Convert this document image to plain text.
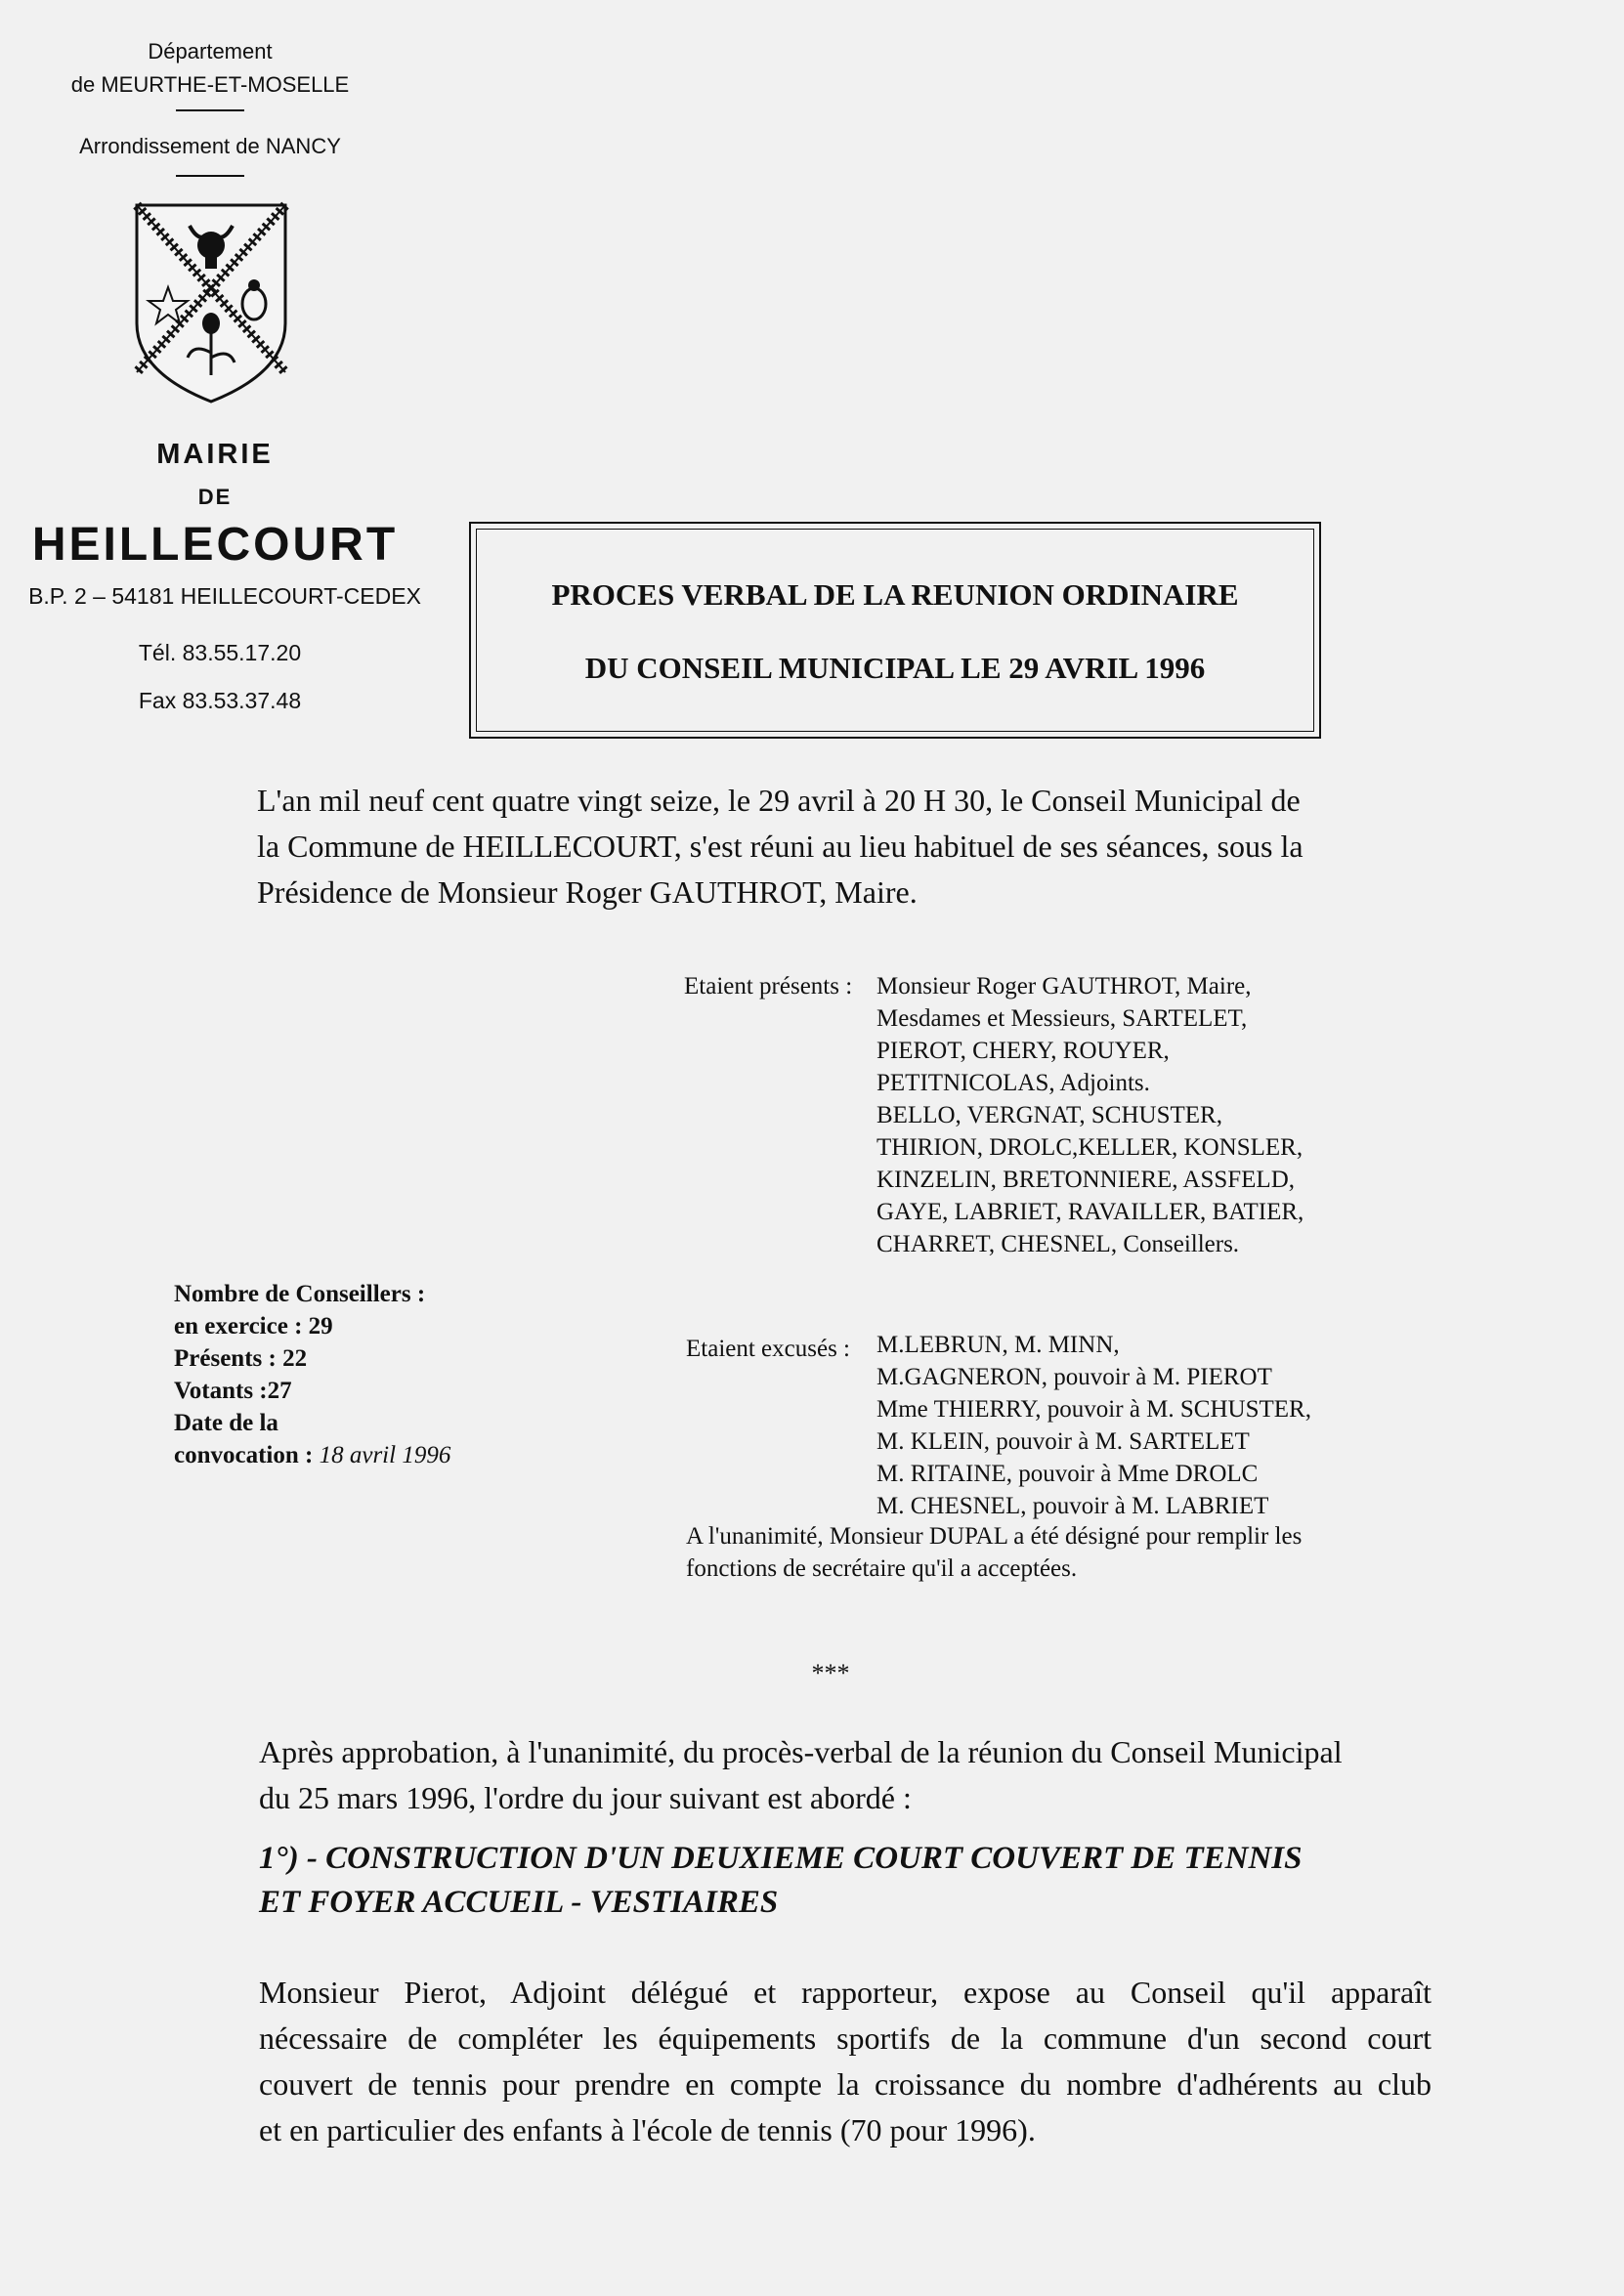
Département
de MEURTHE-ET-MOSELLE
Arrondissement de NANCY
MAIRIE
DE
HEILLECOURT
B.P. 2 – 54181 HEILLECOURT-CEDEX
Tél. 83.55.17.20
Fax 83.53.37.48
PROCES VERBAL DE LA REUNION ORDINAIRE
DU CONSEIL MUNICIPAL LE 29 AVRIL 1996
L'an mil neuf cent quatre vingt seize, le 29 avril à 20 H 30, le Conseil Municipal de
la Commune de HEILLECOURT, s'est réuni au lieu habituel de ses séances, sous la
Présidence de Monsieur Roger GAUTHROT, Maire.
Etaient présents : Monsieur Roger GAUTHROT, Maire,
Mesdames et Messieurs, SARTELET,
PIEROT, CHERY, ROUYER,
PETITNICOLAS, Adjoints.
BELLO, VERGNAT, SCHUSTER,
THIRION, DROLC,KELLER, KONSLER,
KINZELIN, BRETONNIERE, ASSFELD,
GAYE, LABRIET, RAVAILLER, BATIER,
CHARRET, CHESNEL, Conseillers.
Nombre de Conseillers :
en exercice : 29
Présents : 22
Votants :27
Date de la
convocation : 18 avril 1996
Etaient excusés : M.LEBRUN, M. MINN,
M.GAGNERON, pouvoir à M. PIEROT
Mme THIERRY, pouvoir à M. SCHUSTER,
M. KLEIN, pouvoir à M. SARTELET
M. RITAINE, pouvoir à Mme DROLC
M. CHESNEL, pouvoir à M. LABRIET
A l'unanimité, Monsieur DUPAL a été désigné pour remplir les
fonctions de secrétaire qu'il a acceptées.
***
Après approbation, à l'unanimité, du procès-verbal de la réunion du Conseil Municipal
du 25 mars 1996, l'ordre du jour suivant est abordé :
1°) - CONSTRUCTION D'UN DEUXIEME COURT COUVERT DE TENNIS
ET FOYER ACCUEIL - VESTIAIRES
Monsieur Pierot, Adjoint délégué et rapporteur, expose au Conseil qu'il apparaît
nécessaire de compléter les équipements sportifs de la commune d'un second court
couvert de tennis pour prendre en compte la croissance du nombre d'adhérents au club
et en particulier des enfants à l'école de tennis (70 pour 1996).
